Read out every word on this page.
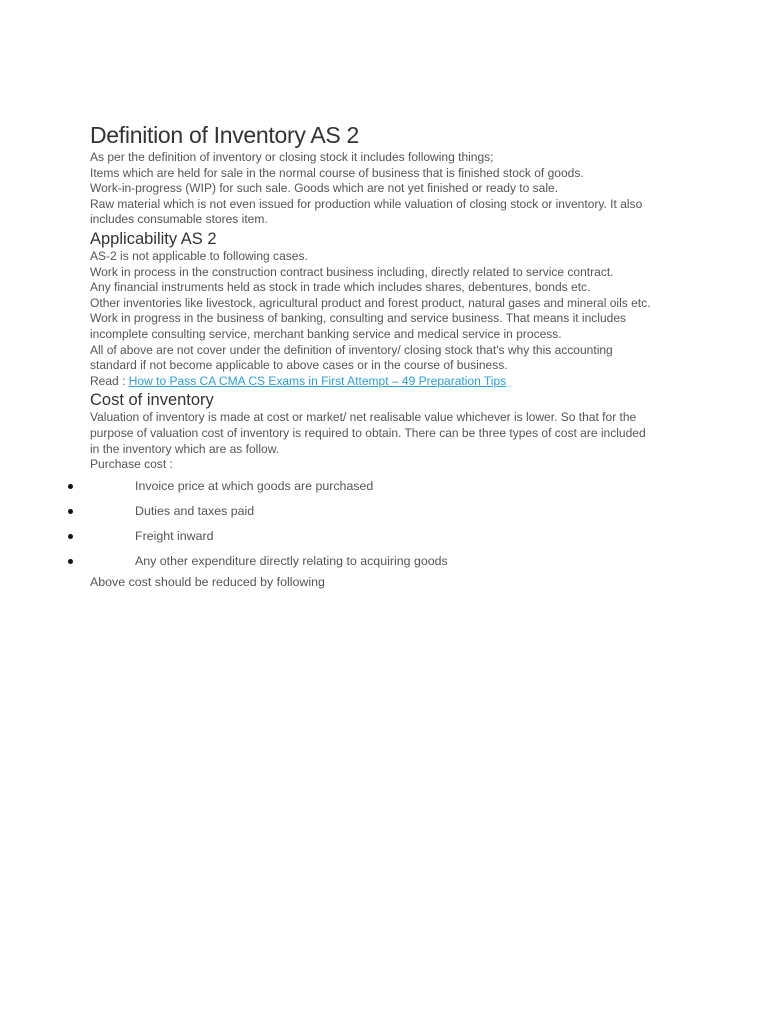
Definition of Inventory AS 2

As per the definition of inventory or closing stock it includes following things;

Items which are held for sale in the normal course of business that is finished stock of goods.

Work-in-progress (WIP) for such sale. Goods which are not yet finished or ready to sale.

Raw material which is not even issued for production while valuation of closing stock or inventory. It also includes consumable stores item.

Applicability AS 2

AS-2 is not applicable to following cases.

Work in process in the construction contract business including, directly related to service contract.

Any financial instruments held as stock in trade which includes shares, debentures, bonds etc.

Other inventories like livestock, agricultural product and forest product, natural gases and mineral oils etc.

Work in progress in the business of banking, consulting and service business. That means it includes incomplete consulting service, merchant banking service and medical service in process.

All of above are not cover under the definition of inventory/ closing stock that's why this accounting standard if not become applicable to above cases or in the course of business.

Read : How to Pass CA CMA CS Exams in First Attempt – 49 Preparation Tips

Cost of inventory

Valuation of inventory is made at cost or market/ net realisable value whichever is lower. So that for the purpose of valuation cost of inventory is required to obtain. There can be three types of cost are included in the inventory which are as follow.

Purchase cost :

Invoice price at which goods are purchased
Duties and taxes paid
Freight inward
Any other expenditure directly relating to acquiring goods

Above cost should be reduced by following
